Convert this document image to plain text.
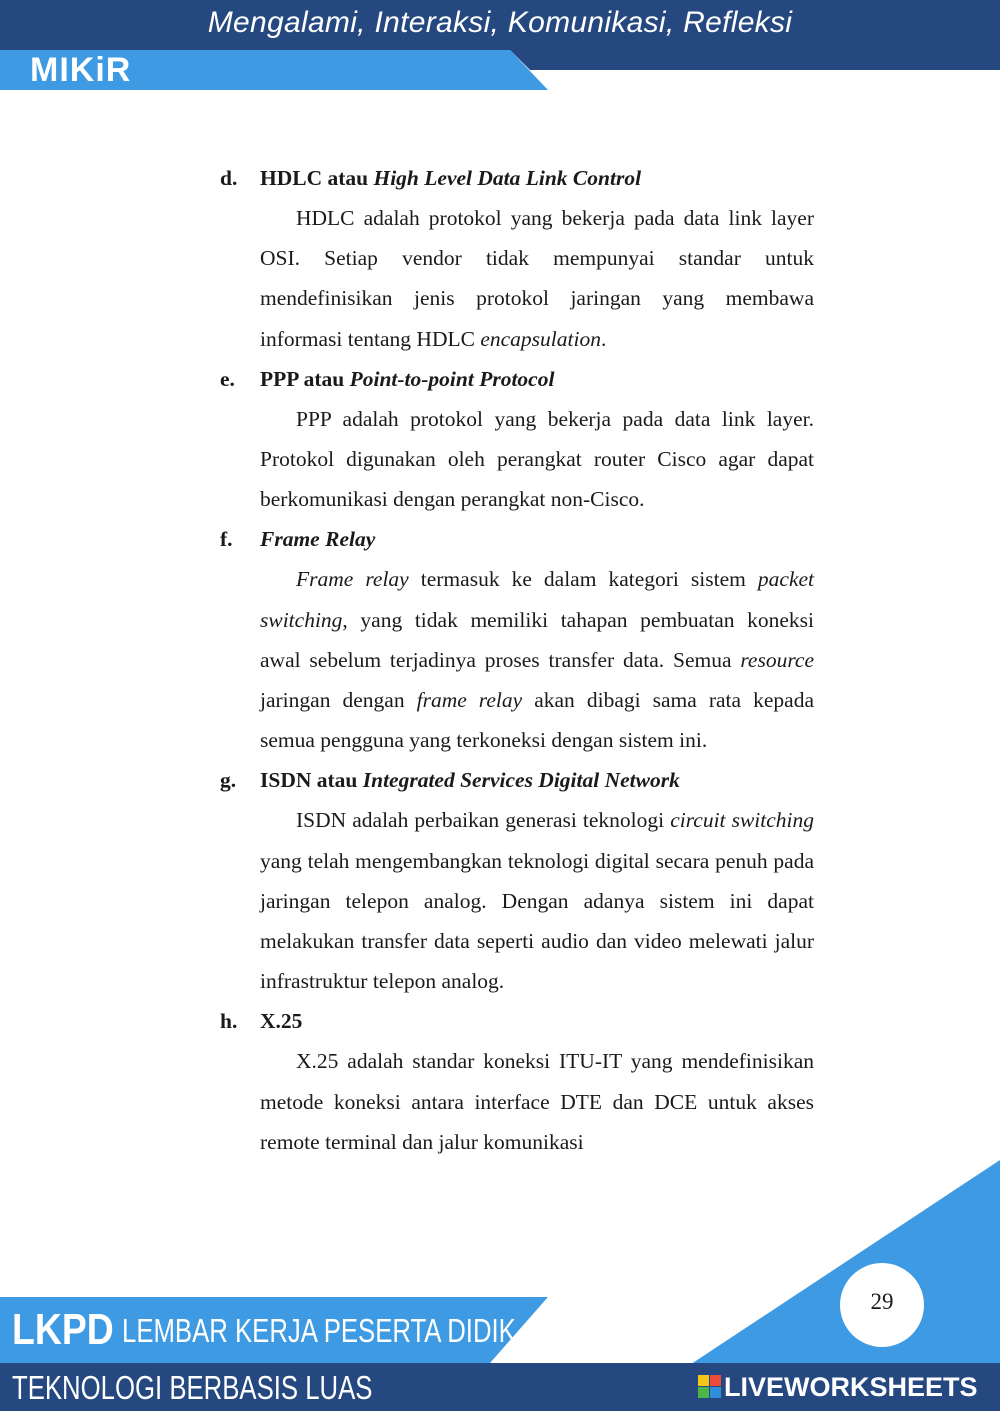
Mengalami, Interaksi, Komunikasi, Refleksi
MIKiR
d. HDLC atau High Level Data Link Control
HDLC adalah protokol yang bekerja pada data link layer OSI. Setiap vendor tidak mempunyai standar untuk mendefinisikan jenis protokol jaringan yang membawa informasi tentang HDLC encapsulation.
e. PPP atau Point-to-point Protocol
PPP adalah protokol yang bekerja pada data link layer. Protokol digunakan oleh perangkat router Cisco agar dapat berkomunikasi dengan perangkat non-Cisco.
f. Frame Relay
Frame relay termasuk ke dalam kategori sistem packet switching, yang tidak memiliki tahapan pembuatan koneksi awal sebelum terjadinya proses transfer data. Semua resource jaringan dengan frame relay akan dibagi sama rata kepada semua pengguna yang terkoneksi dengan sistem ini.
g. ISDN atau Integrated Services Digital Network
ISDN adalah perbaikan generasi teknologi circuit switching yang telah mengembangkan teknologi digital secara penuh pada jaringan telepon analog. Dengan adanya sistem ini dapat melakukan transfer data seperti audio dan video melewati jalur infrastruktur telepon analog.
h. X.25
X.25 adalah standar koneksi ITU-IT yang mendefinisikan metode koneksi antara interface DTE dan DCE untuk akses remote terminal dan jalur komunikasi
LKPD LEMBAR KERJA PESERTA DIDIK
TEKNOLOGI BERBASIS LUAS
29
LIVEWORKSHEETS
